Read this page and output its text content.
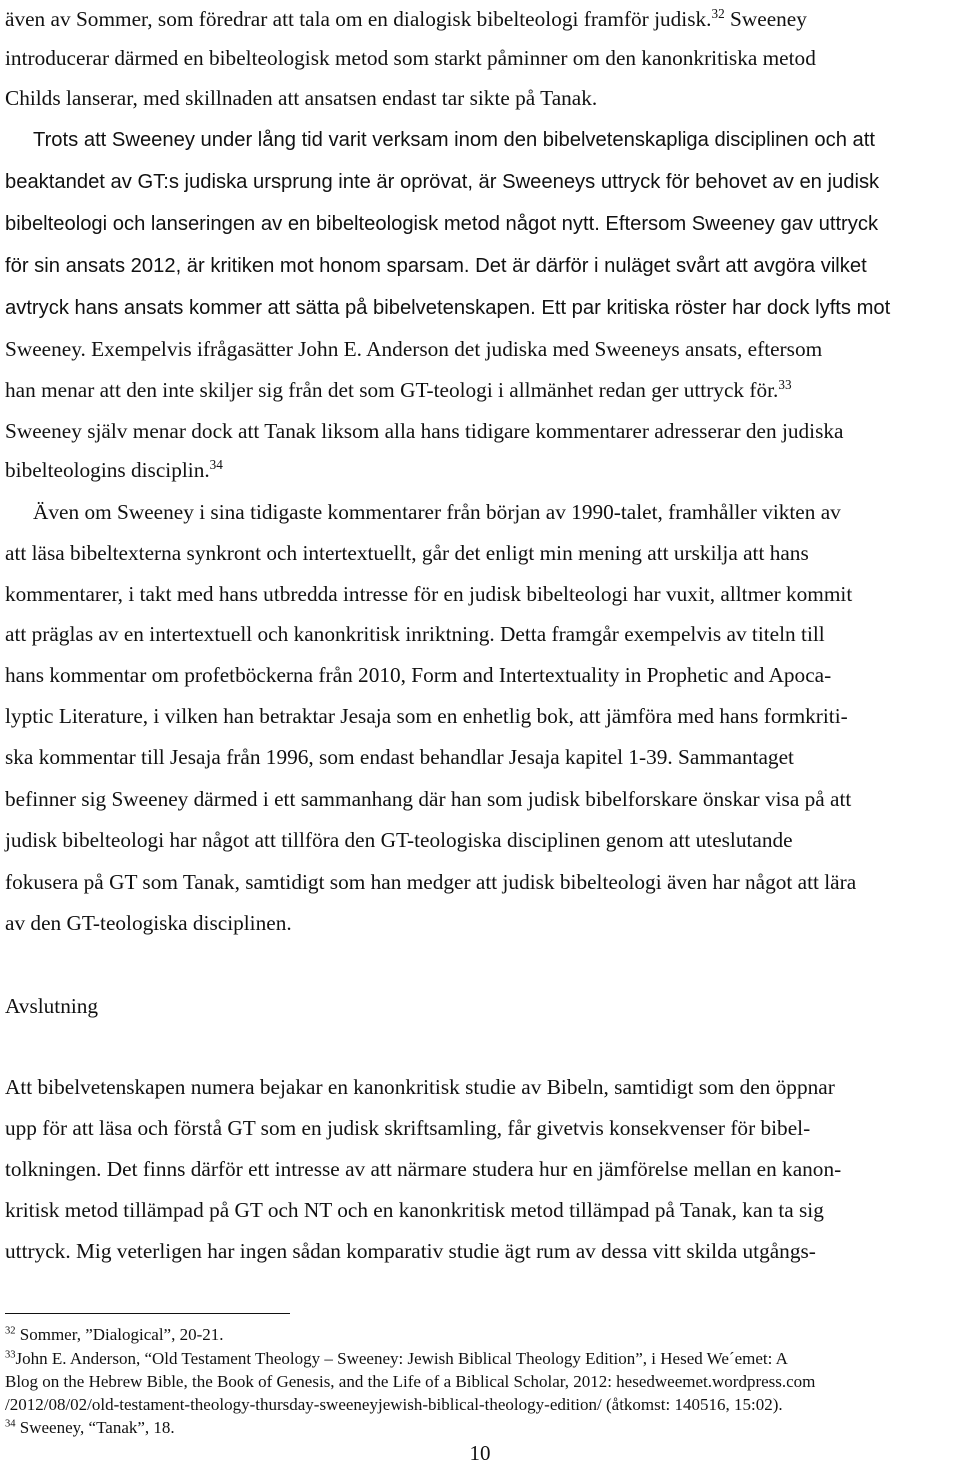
även av Sommer, som föredrar att tala om en dialogisk bibelteologi framför judisk.$^{32}$ Sweeney
introducerar därmed en bibelteologisk metod som starkt påminner om den kanonkritiska metod
Childs lanserar, med skillnaden att ansatsen endast tar sikte på Tanak.
Trots att Sweeney under lång tid varit verksam inom den bibelvetenskapliga disciplinen och att
beaktandet av GT:s judiska ursprung inte är oprövat, är Sweeneys uttryck för behovet av en judisk
bibelteologi och lanseringen av en bibelteologisk metod något nytt. Eftersom Sweeney gav uttryck
för sin ansats 2012, är kritiken mot honom sparsam. Det är därför i nuläget svårt att avgöra vilket
avtryck hans ansats kommer att sätta på bibelvetenskapen. Ett par kritiska röster har dock lyfts mot
Sweeney. Exempelvis ifrågasätter John E. Anderson det judiska med Sweeneys ansats, eftersom
han menar att den inte skiljer sig från det som GT-teologi i allmänhet redan ger uttryck för.$^{33}$
Sweeney själv menar dock att Tanak liksom alla hans tidigare kommentarer adresserar den judiska
bibelteologins disciplin.$^{34}$
Även om Sweeney i sina tidigaste kommentarer från början av 1990-talet, framhåller vikten av
att läsa bibeltexterna synkront och intertextuellt, går det enligt min mening att urskilja att hans
kommentarer, i takt med hans utbredda intresse för en judisk bibelteologi har vuxit, alltmer kommit
att präglas av en intertextuell och kanonkritisk inriktning. Detta framgår exempelvis av titeln till
hans kommentar om profetböckerna från 2010, Form and Intertextuality in Prophetic and Apoca-
lyptic Literature, i vilken han betraktar Jesaja som en enhetlig bok, att jämföra med hans formkriti-
ska kommentar till Jesaja från 1996, som endast behandlar Jesaja kapitel 1-39. Sammantaget
befinner sig Sweeney därmed i ett sammanhang där han som judisk bibelforskare önskar visa på att
judisk bibelteologi har något att tillföra den GT-teologiska disciplinen genom att uteslutande
fokusera på GT som Tanak, samtidigt som han medger att judisk bibelteologi även har något att lära
av den GT-teologiska disciplinen.
Avslutning
Att bibelvetenskapen numera bejakar en kanonkritisk studie av Bibeln, samtidigt som den öppnar
upp för att läsa och förstå GT som en judisk skriftsamling, får givetvis konsekvenser för bibel-
tolkningen. Det finns därför ett intresse av att närmare studera hur en jämförelse mellan en kanon-
kritisk metod tillämpad på GT och NT och en kanonkritisk metod tillämpad på Tanak, kan ta sig
uttryck. Mig veterligen har ingen sådan komparativ studie ägt rum av dessa vitt skilda utgångs-
$^{32}$ Sommer, ”Dialogical”, 20-21.
$^{33}$John E. Anderson, “Old Testament Theology – Sweeney: Jewish Biblical Theology Edition”, i Hesed We´emet: A
Blog on the Hebrew Bible, the Book of Genesis, and the Life of a Biblical Scholar, 2012: hesedweemet.wordpress.com
/2012/08/02/old-testament-theology-thursday-sweeneyjewish-biblical-theology-edition/ (åtkomst: 140516, 15:02).
$^{34}$ Sweeney, “Tanak”, 18.
10
